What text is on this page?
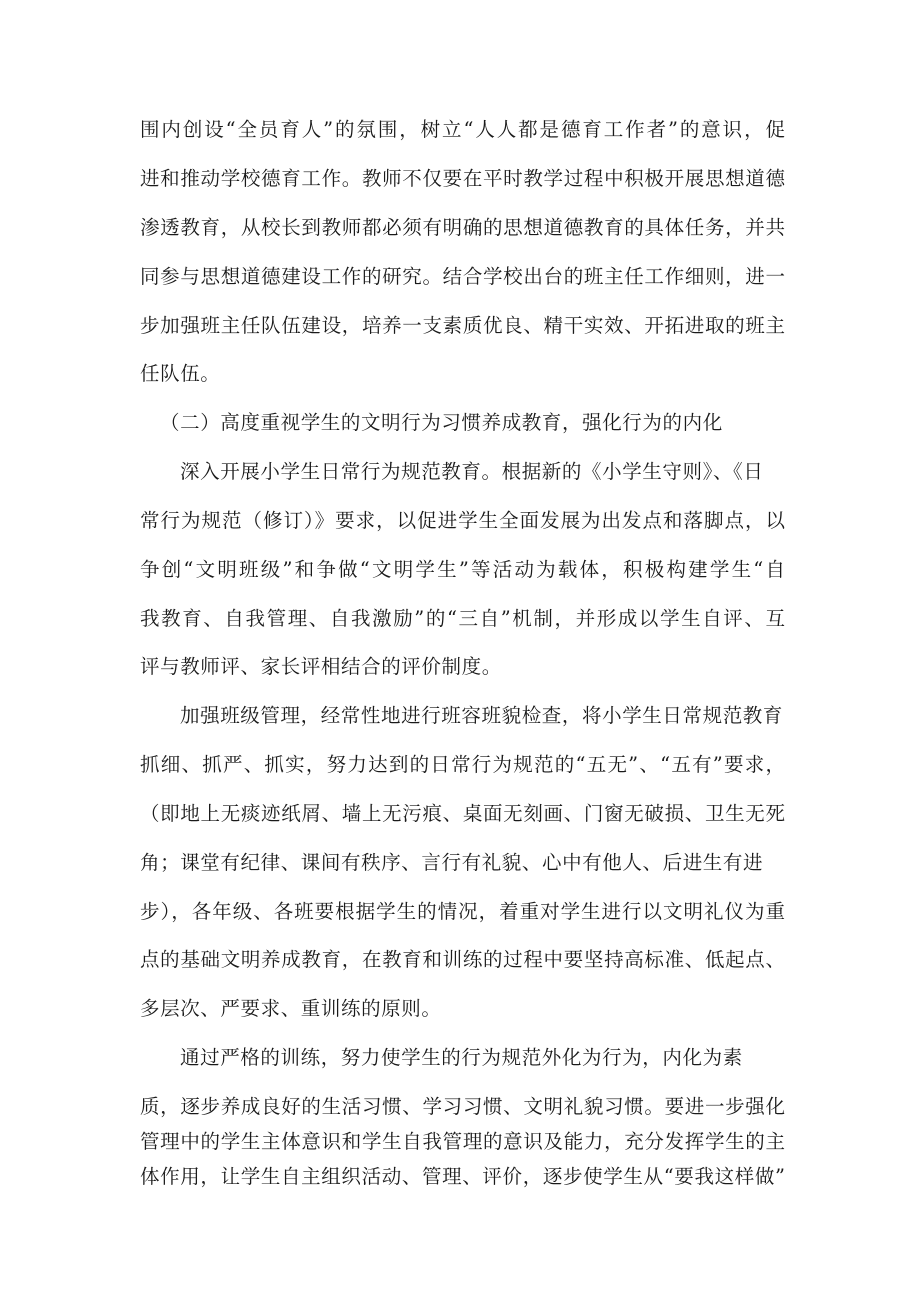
围内创设“全员育人”的氛围，树立“人人都是德育工作者”的意识，促
进和推动学校德育工作。教师不仅要在平时教学过程中积极开展思想道德
渗透教育，从校长到教师都必须有明确的思想道德教育的具体任务，并共
同参与思想道德建设工作的研究。结合学校出台的班主任工作细则，进一
步加强班主任队伍建设，培养一支素质优良、精干实效、开拓进取的班主
任队伍。
（二）高度重视学生的文明行为习惯养成教育，强化行为的内化
深入开展小学生日常行为规范教育。根据新的《小学生守则》、《日
常行为规范（修订）》要求，以促进学生全面发展为出发点和落脚点，以
争创“文明班级”和争做“文明学生”等活动为载体，积极构建学生“自
我教育、自我管理、自我激励”的“三自”机制，并形成以学生自评、互
评与教师评、家长评相结合的评价制度。
加强班级管理，经常性地进行班容班貌检查，将小学生日常规范教育
抓细、抓严、抓实，努力达到的日常行为规范的“五无”、“五有”要求，
（即地上无痰迹纸屑、墙上无污痕、桌面无刻画、门窗无破损、卫生无死
角；课堂有纪律、课间有秩序、言行有礼貌、心中有他人、后进生有进
步），各年级、各班要根据学生的情况，着重对学生进行以文明礼仪为重
点的基础文明养成教育，在教育和训练的过程中要坚持高标准、低起点、
多层次、严要求、重训练的原则。
通过严格的训练，努力使学生的行为规范外化为行为，内化为素
质，逐步养成良好的生活习惯、学习习惯、文明礼貌习惯。要进一步强化
管理中的学生主体意识和学生自我管理的意识及能力，充分发挥学生的主
体作用，让学生自主组织活动、管理、评价，逐步使学生从“要我这样做”
